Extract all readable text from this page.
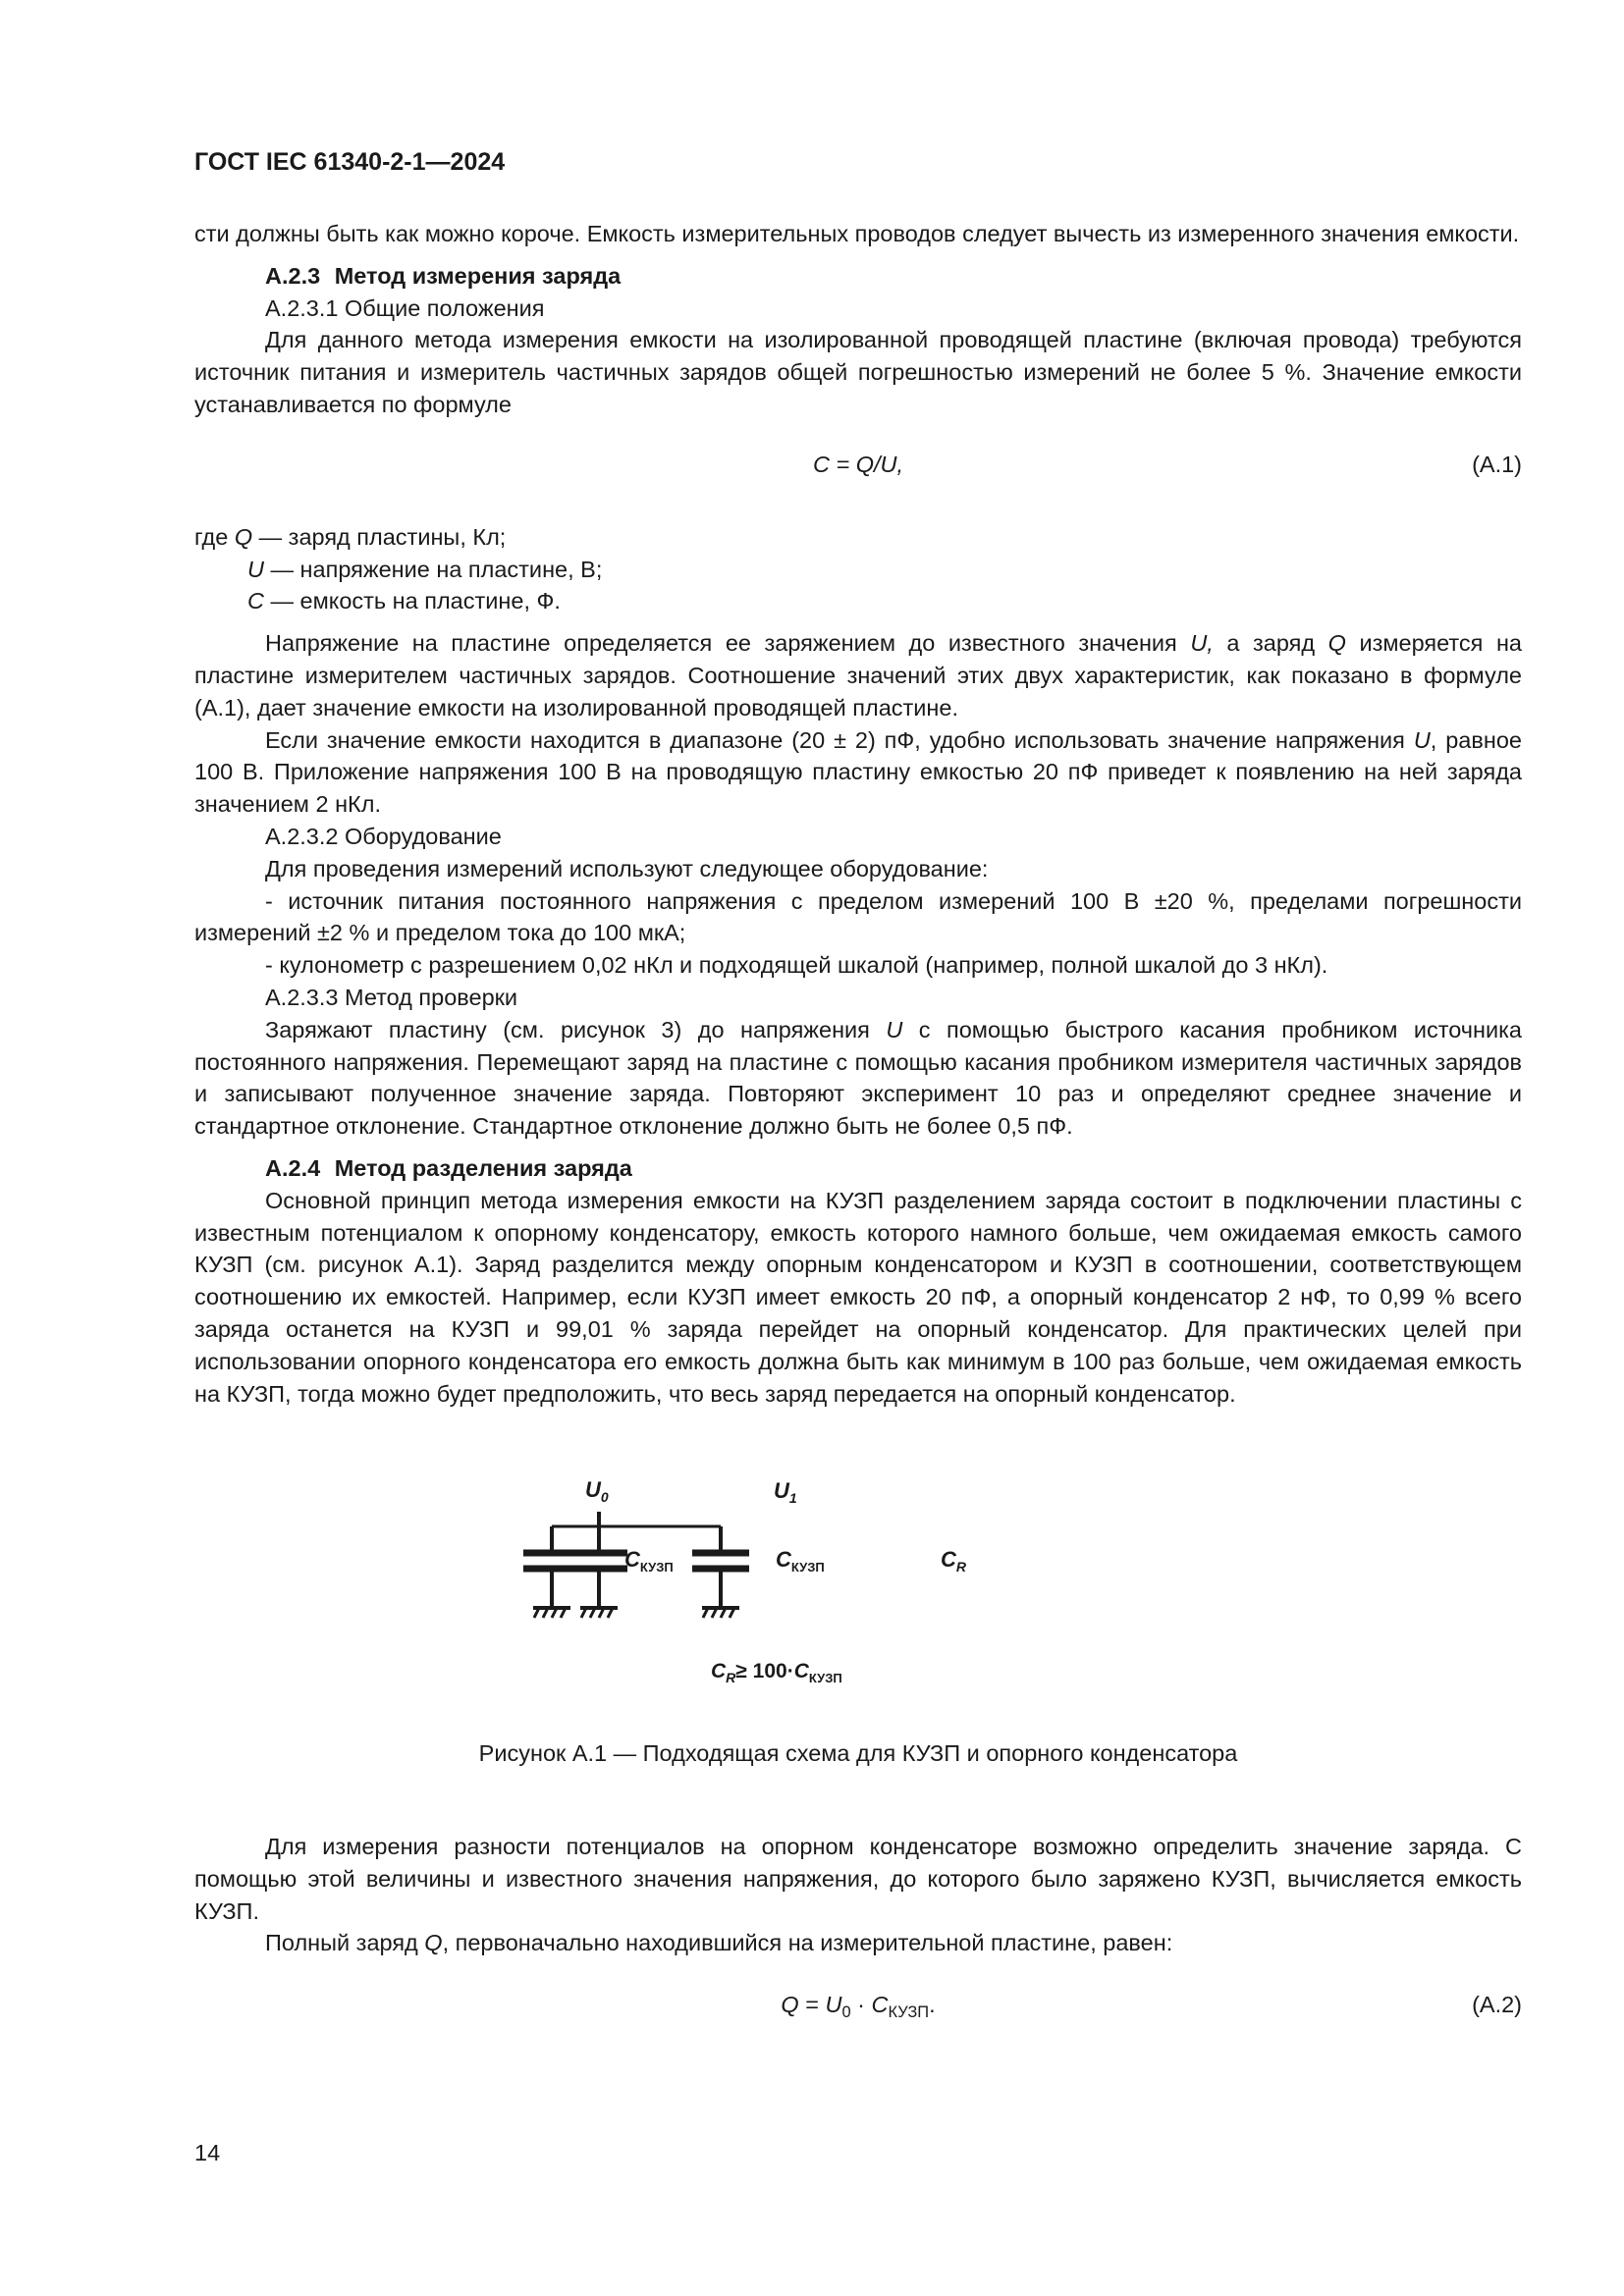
ГОСТ IEC 61340-2-1—2024

сти должны быть как можно короче. Емкость измерительных проводов следует вычесть из измеренного значения емкости.

А.2.3 Метод измерения заряда
А.2.3.1 Общие положения

Для данного метода измерения емкости на изолированной проводящей пластине (включая провода) требуются источник питания и измеритель частичных зарядов общей погрешностью измерений не более 5 %. Значение емкости устанавливается по формуле

C = Q/U,	(А.1)
где Q — заряд пластины, Кл;
U — напряжение на пластине, В;
C — емкость на пластине, Ф.

Напряжение на пластине определяется ее заряжением до известного значения U, а заряд Q измеряется на пластине измерителем частичных зарядов. Соотношение значений этих двух характеристик, как показано в формуле (А.1), дает значение емкости на изолированной проводящей пластине.

Если значение емкости находится в диапазоне (20 ± 2) пФ, удобно использовать значение напряжения U, равное 100 В. Приложение напряжения 100 В на проводящую пластину емкостью 20 пФ приведет к появлению на ней заряда значением 2 нКл.

А.2.3.2 Оборудование

Для проведения измерений используют следующее оборудование:

- источник питания постоянного напряжения с пределом измерений 100 В ±20 %, пределами погрешности измерений ±2 % и пределом тока до 100 мкА;

- кулонометр с разрешением 0,02 нКл и подходящей шкалой (например, полной шкалой до 3 нКл).

А.2.3.3 Метод проверки

Заряжают пластину (см. рисунок 3) до напряжения U с помощью быстрого касания пробником источника постоянного напряжения. Перемещают заряд на пластине с помощью касания пробником измерителя частичных зарядов и записывают полученное значение заряда. Повторяют эксперимент 10 раз и определяют среднее значение и стандартное отклонение. Стандартное отклонение должно быть не более 0,5 пФ.

А.2.4 Метод разделения заряда

Основной принцип метода измерения емкости на КУЗП разделением заряда состоит в подключении пластины с известным потенциалом к опорному конденсатору, емкость которого намного больше, чем ожидаемая емкость самого КУЗП (см. рисунок А.1). Заряд разделится между опорным конденсатором и КУЗП в соотношении, соответствующем соотношению их емкостей. Например, если КУЗП имеет емкость 20 пФ, а опорный конденсатор 2 нФ, то 0,99 % всего заряда останется на КУЗП и 99,01 % заряда перейдет на опорный конденсатор. Для практических целей при использовании опорного конденсатора его емкость должна быть как минимум в 100 раз больше, чем ожидаемая емкость на КУЗП, тогда можно будет предположить, что весь заряд передается на опорный конденсатор.

$U_0$
$C_{КУЗП}$
$U_1$
$C_{КУЗП}$	$C_R$
$C_R\ge 100\cdot C_{КУЗП}$
Рисунок А.1 — Подходящая схема для КУЗП и опорного конденсатора

Для измерения разности потенциалов на опорном конденсаторе возможно определить значение заряда. С помощью этой величины и известного значения напряжения, до которого было заряжено КУЗП, вычисляется емкость КУЗП.

Полный заряд Q, первоначально находившийся на измерительной пластине, равен:

$Q = U_0 \cdot C_{КУЗП}$.	(А.2)
14
